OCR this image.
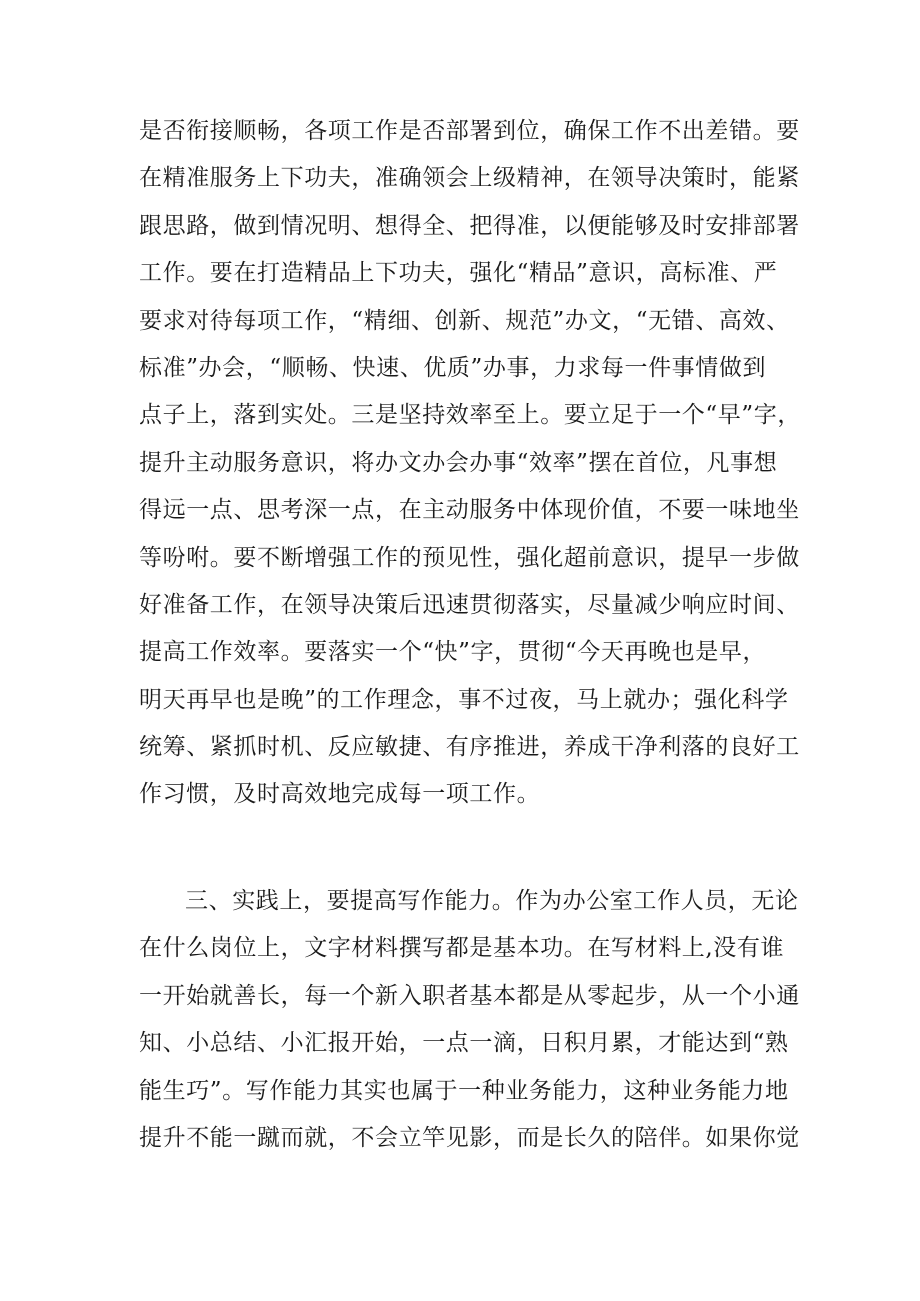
是否衔接顺畅，各项工作是否部署到位，确保工作不出差错。要
在精准服务上下功夫，准确领会上级精神，在领导决策时，能紧
跟思路，做到情况明、想得全、把得准，以便能够及时安排部署
工作。要在打造精品上下功夫，强化“精品”意识，高标准、严
要求对待每项工作，“精细、创新、规范”办文，“无错、高效、
标准”办会，“顺畅、快速、优质”办事，力求每一件事情做到
点子上，落到实处。三是坚持效率至上。要立足于一个“早”字，
提升主动服务意识，将办文办会办事“效率”摆在首位，凡事想
得远一点、思考深一点，在主动服务中体现价值，不要一味地坐
等吩咐。要不断增强工作的预见性，强化超前意识，提早一步做
好准备工作，在领导决策后迅速贯彻落实，尽量减少响应时间、
提高工作效率。要落实一个“快”字，贯彻“今天再晚也是早，
明天再早也是晚”的工作理念，事不过夜，马上就办；强化科学
统筹、紧抓时机、反应敏捷、有序推进，养成干净利落的良好工
作习惯，及时高效地完成每一项工作。
三、实践上，要提高写作能力。作为办公室工作人员，无论
在什么岗位上，文字材料撰写都是基本功。在写材料上,没有谁
一开始就善长，每一个新入职者基本都是从零起步，从一个小通
知、小总结、小汇报开始，一点一滴，日积月累，才能达到“熟
能生巧”。写作能力其实也属于一种业务能力，这种业务能力地
提升不能一蹴而就，不会立竿见影，而是长久的陪伴。如果你觉
